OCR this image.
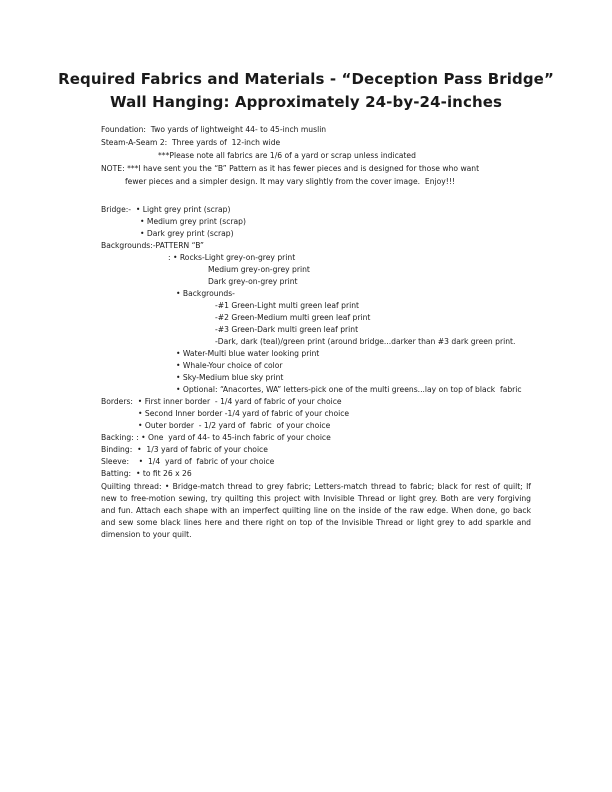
Required Fabrics and Materials - “Deception Pass Bridge”
Wall Hanging: Approximately 24-by-24-inches
Foundation:  Two yards of lightweight 44- to 45-inch muslin
Steam-A-Seam 2:  Three yards of  12-inch wide
***Please note all fabrics are 1/6 of a yard or scrap unless indicated
NOTE: ***I have sent you the “B” Pattern as it has fewer pieces and is designed for those who want
fewer pieces and a simpler design. It may vary slightly from the cover image.  Enjoy!!!
Bridge:-  • Light grey print (scrap)
• Medium grey print (scrap)
• Dark grey print (scrap)
Backgrounds:-PATTERN “B”
: • Rocks-Light grey-on-grey print
Medium grey-on-grey print
Dark grey-on-grey print
• Backgrounds-
-#1 Green-Light multi green leaf print
-#2 Green-Medium multi green leaf print
-#3 Green-Dark multi green leaf print
-Dark, dark (teal)/green print (around bridge...darker than #3 dark green print.
• Water-Multi blue water looking print
• Whale-Your choice of color
• Sky-Medium blue sky print
• Optional: “Anacortes, WA” letters-pick one of the multi greens...lay on top of black  fabric
Borders:  • First inner border  - 1/4 yard of fabric of your choice
• Second Inner border -1/4 yard of fabric of your choice
• Outer border  - 1/2 yard of  fabric  of your choice
Backing: : • One  yard of 44- to 45-inch fabric of your choice
Binding:  •  1/3 yard of fabric of your choice
Sleeve:    •  1/4  yard of  fabric of your choice
Batting:  • to fit 26 x 26
Quilting thread: • Bridge-match thread to grey fabric; Letters-match thread to fabric; black for rest of quilt; If new to free-motion sewing, try quilting this project with Invisible Thread or light grey. Both are very forgiving and fun. Attach each shape with an imperfect quilting line on the inside of the raw edge. When done, go back and sew some black lines here and there right on top of the Invisible Thread or light grey to add sparkle and dimension to your quilt.
